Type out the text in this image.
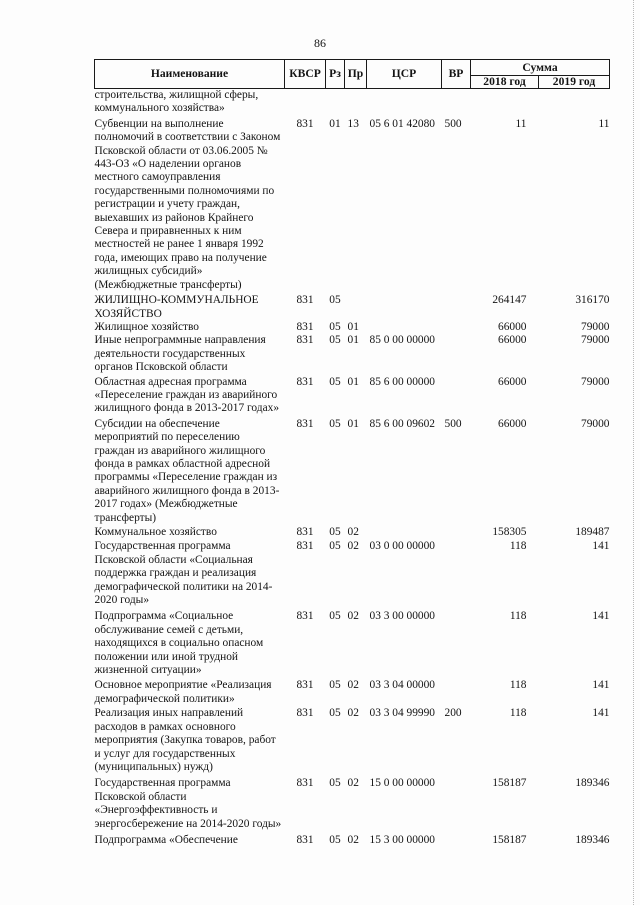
86
Наименование	КВСР	Рз	Пр	ЦСР	ВР	Сумма	
						2018 год	2019 год
строительства, жилищной сферы, коммунального хозяйства»							
Субвенции на выполнение полномочий в соответствии с Законом Псковской области от 03.06.2005 № 443-ОЗ «О наделении органов местного самоуправления государственными полномочиями по регистрации и учету граждан, выехавших из районов Крайнего Севера и приравненных к ним местностей не ранее 1 января 1992 года, имеющих право на получение жилищных субсидий» (Межбюджетные трансферты)	831	01	13	05 6 01 42080	500	11	11
ЖИЛИЩНО-КОММУНАЛЬНОЕ ХОЗЯЙСТВО	831	05				264147	316170
Жилищное хозяйство	831	05	01			66000	79000
Иные непрограммные направления деятельности государственных органов Псковской области	831	05	01	85 0 00 00000		66000	79000
Областная адресная программа «Переселение граждан из аварийного жилищного фонда в 2013-2017 годах»	831	05	01	85 6 00 00000		66000	79000
Субсидии на обеспечение мероприятий по переселению граждан из аварийного жилищного фонда в рамках областной адресной программы «Переселение граждан из аварийного жилищного фонда в 2013-2017 годах» (Межбюджетные трансферты)	831	05	01	85 6 00 09602	500	66000	79000
Коммунальное хозяйство	831	05	02			158305	189487
Государственная программа Псковской области «Социальная поддержка граждан и реализация демографической политики на 2014-2020 годы»	831	05	02	03 0 00 00000		118	141
Подпрограмма «Социальное обслуживание семей с детьми, находящихся в социально опасном положении или иной трудной жизненной ситуации»	831	05	02	03 3 00 00000		118	141
Основное мероприятие «Реализация демографической политики»	831	05	02	03 3 04 00000		118	141
Реализация иных направлений расходов в рамках основного мероприятия (Закупка товаров, работ и услуг для государственных (муниципальных) нужд)	831	05	02	03 3 04 99990	200	118	141
Государственная программа Псковской области «Энергоэффективность и энергосбережение на 2014-2020 годы»	831	05	02	15 0 00 00000		158187	189346
Подпрограмма «Обеспечение	831	05	02	15 3 00 00000		158187	189346
